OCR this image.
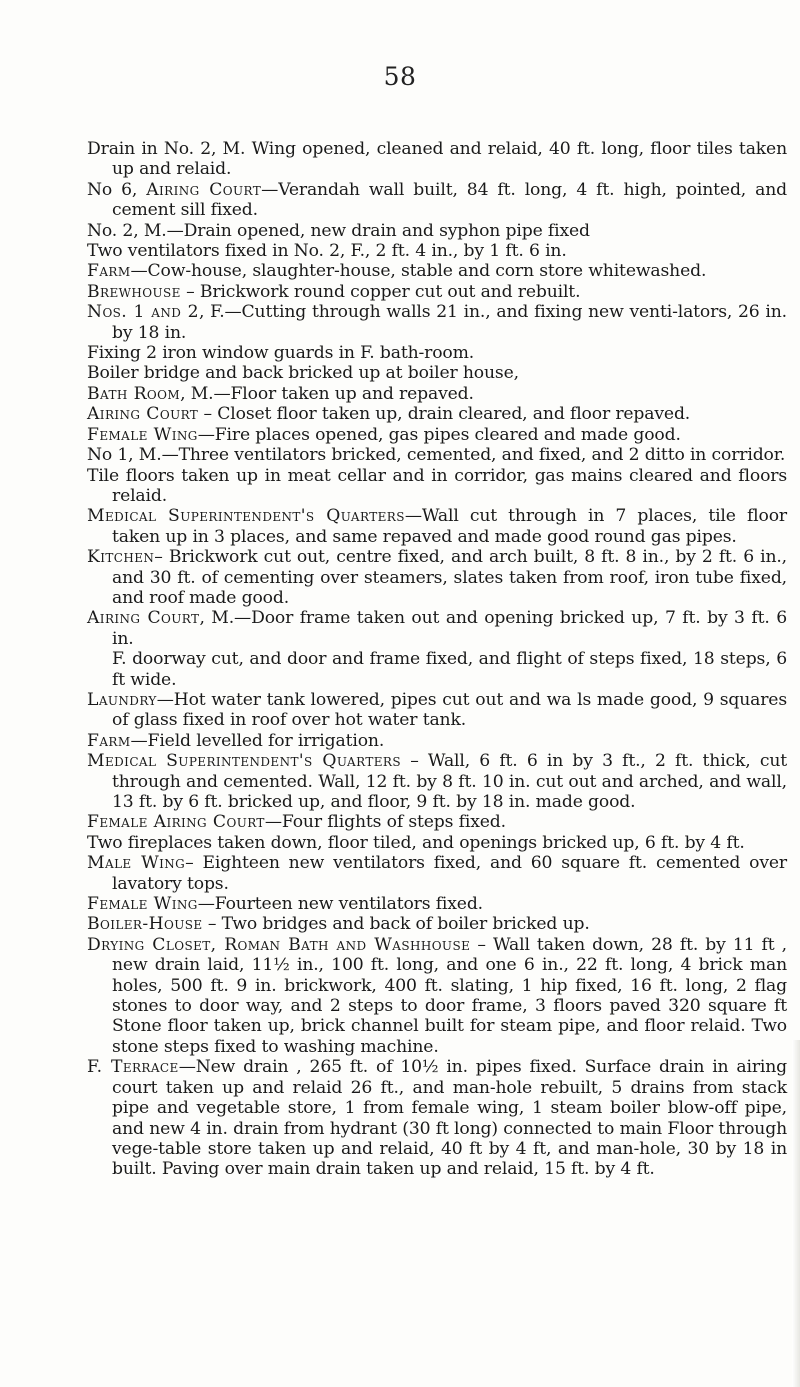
58

Drain in No. 2, M. Wing opened, cleaned and relaid, 40 ft. long, floor tiles taken up and relaid.

No 6, Airing Court—Verandah wall built, 84 ft. long, 4 ft. high, pointed, and cement sill fixed.

No. 2, M.—Drain opened, new drain and syphon pipe fixed

Two ventilators fixed in No. 2, F., 2 ft. 4 in., by 1 ft. 6 in.

Farm—Cow-house, slaughter-house, stable and corn store whitewashed.

Brewhouse – Brickwork round copper cut out and rebuilt.

Nos. 1 and 2, F.—Cutting through walls 21 in., and fixing new venti-lators, 26 in. by 18 in.

Fixing 2 iron window guards in F. bath-room.

Boiler bridge and back bricked up at boiler house,

Bath Room, M.—Floor taken up and repaved.

Airing Court – Closet floor taken up, drain cleared, and floor repaved.

Female Wing—Fire places opened, gas pipes cleared and made good.

No 1, M.—Three ventilators bricked, cemented, and fixed, and 2 ditto in corridor.

Tile floors taken up in meat cellar and in corridor, gas mains cleared and floors relaid.

Medical Superintendent's Quarters—Wall cut through in 7 places, tile floor taken up in 3 places, and same repaved and made good round gas pipes.

Kitchen– Brickwork cut out, centre fixed, and arch built, 8 ft. 8 in., by 2 ft. 6 in., and 30 ft. of cementing over steamers, slates taken from roof, iron tube fixed, and roof made good.

Airing Court, M.—Door frame taken out and opening bricked up, 7 ft. by 3 ft. 6 in.

F. doorway cut, and door and frame fixed, and flight of steps fixed, 18 steps, 6 ft wide.

Laundry—Hot water tank lowered, pipes cut out and wa ls made good, 9 squares of glass fixed in roof over hot water tank.

Farm—Field levelled for irrigation.

Medical Superintendent's Quarters – Wall, 6 ft. 6 in by 3 ft., 2 ft. thick, cut through and cemented. Wall, 12 ft. by 8 ft. 10 in. cut out and arched, and wall, 13 ft. by 6 ft. bricked up, and floor, 9 ft. by 18 in. made good.

Female Airing Court—Four flights of steps fixed.

Two fireplaces taken down, floor tiled, and openings bricked up, 6 ft. by 4 ft.

Male Wing– Eighteen new ventilators fixed, and 60 square ft. cemented over lavatory tops.

Female Wing—Fourteen new ventilators fixed.

Boiler-House – Two bridges and back of boiler bricked up.

Drying Closet, Roman Bath and Washhouse – Wall taken down, 28 ft. by 11 ft , new drain laid, 11½ in., 100 ft. long, and one 6 in., 22 ft. long, 4 brick man holes, 500 ft. 9 in. brickwork, 400 ft. slating, 1 hip fixed, 16 ft. long, 2 flag stones to door way, and 2 steps to door frame, 3 floors paved 320 square ft Stone floor taken up, brick channel built for steam pipe, and floor relaid. Two stone steps fixed to washing machine.

F. Terrace—New drain , 265 ft. of 10½ in. pipes fixed. Surface drain in airing court taken up and relaid 26 ft., and man-hole rebuilt, 5 drains from stack pipe and vegetable store, 1 from female wing, 1 steam boiler blow-off pipe, and new 4 in. drain from hydrant (30 ft long) connected to main Floor through vege-table store taken up and relaid, 40 ft by 4 ft, and man-hole, 30 by 18 in built. Paving over main drain taken up and relaid, 15 ft. by 4 ft.
